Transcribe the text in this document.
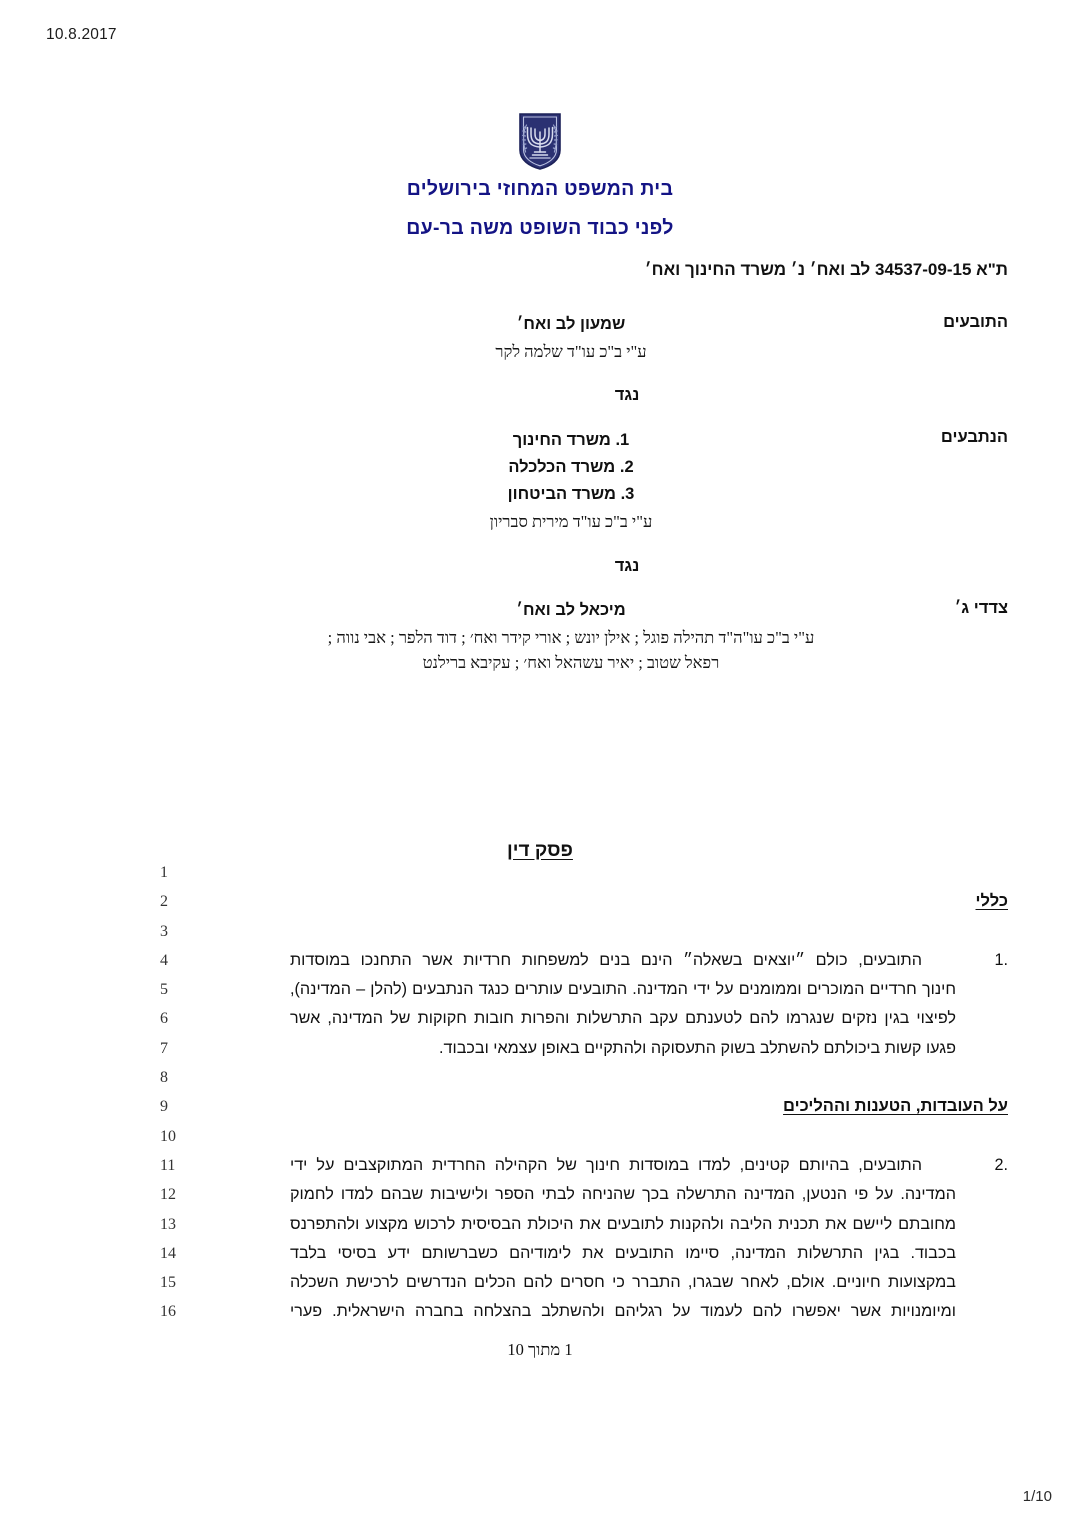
10.8.2017
בית המשפט המחוזי בירושלים
לפני כבוד השופט משה בר-עם
ת"א 34537-09-15 לב ואח׳ נ׳ משרד החינוך ואח׳
התובעים
שמעון לב ואח׳
ע"י ב"כ עו"ד שלמה לקר
נגד
הנתבעים
1. משרד החינוך
2. משרד הכלכלה
3. משרד הביטחון
ע"י ב"כ עו"ד מירית סבריון
נגד
צדדי ג׳
מיכאל לב ואח׳
ע"י ב"כ עו"ה"ד תהילה פוגל ; אילן יונש ; אורי קידר ואח׳ ; דוד הלפר ; אבי נווה ; רפאל שטוב ; יאיר עשהאל ואח׳ ; עקיבא ברילנט
פסק דין
1
2
3
4
5
6
7
8
9
10
11
12
13
14
15
16

כללי

.1
התובעים, כולם ״יוצאים בשאלה״ הינם בנים למשפחות חרדיות אשר התחנכו במוסדות
חינוך חרדיים המוכרים וממומנים על ידי המדינה. התובעים עותרים כנגד הנתבעים (להלן – המדינה),
לפיצוי בגין נזקים שנגרמו להם לטענתם עקב התרשלות והפרות חובות חקוקות של המדינה, אשר
פגעו קשות ביכולתם להשתלב בשוק התעסוקה ולהתקיים באופן עצמאי ובכבוד.

על העובדות, הטענות וההליכים

.2
התובעים, בהיותם קטינים, למדו במוסדות חינוך של הקהילה החרדית המתוקצבים על ידי
המדינה. על פי הנטען, המדינה התרשלה בכך שהניחה לבתי הספר ולישיבות שבהם למדו לחמוק
מחובתם ליישם את תכנית הליבה ולהקנות לתובעים את היכולת הבסיסית לרכוש מקצוע ולהתפרנס
בכבוד. בגין התרשלות המדינה, סיימו התובעים את לימודיהם כשברשותם ידע בסיסי בלבד
במקצועות חיוניים. אולם, לאחר שבגרו, התברר כי חסרים להם הכלים הנדרשים לרכישת השכלה
ומיומנויות אשר יאפשרו להם לעמוד על רגליהם ולהשתלב בהצלחה בחברה הישראלית. פערי
1 מתוך 10
1/10
